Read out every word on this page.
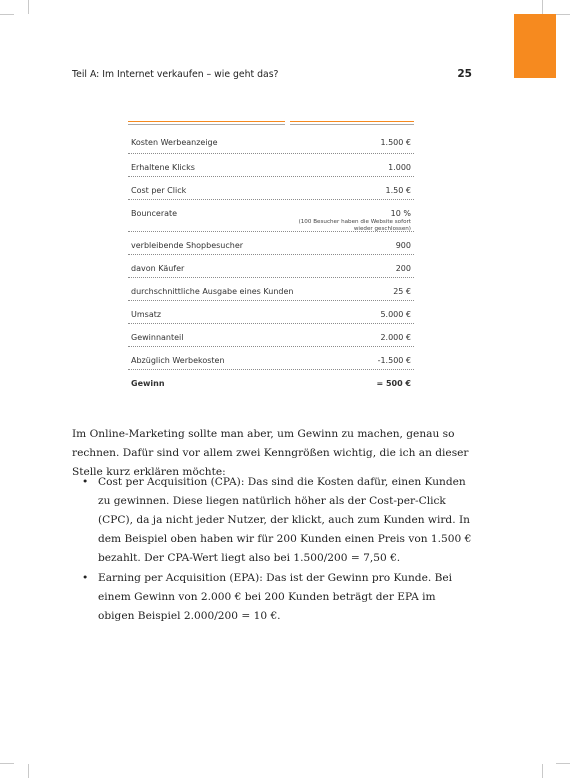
Teil A: Im Internet verkaufen – wie geht das?	25
Kosten Werbeanzeige	1.500 €
Erhaltene Klicks	1.000
Cost per Click	1.50 €
Bouncerate	10 %
(100 Besucher haben die Website sofort wieder geschlossen)
verbleibende Shopbesucher	900
davon Käufer	200
durchschnittliche Ausgabe eines Kunden	25 €
Umsatz	5.000 €
Gewinnanteil	2.000 €
Abzüglich Werbekosten	-1.500 €
Gewinn	= 500 €
Im Online-Marketing sollte man aber, um Gewinn zu machen, genau so rechnen. Dafür sind vor allem zwei Kenngrößen wichtig, die ich an dieser Stelle kurz erklären möchte:
• Cost per Acquisition (CPA): Das sind die Kosten dafür, einen Kunden zu gewinnen. Diese liegen natürlich höher als der Cost-per-Click (CPC), da ja nicht jeder Nutzer, der klickt, auch zum Kunden wird. In dem Beispiel oben haben wir für 200 Kunden einen Preis von 1.500 € bezahlt. Der CPA-Wert liegt also bei 1.500/200 = 7,50 €.
• Earning per Acquisition (EPA): Das ist der Gewinn pro Kunde. Bei einem Gewinn von 2.000 € bei 200 Kunden beträgt der EPA im obigen Beispiel 2.000/200 = 10 €.
